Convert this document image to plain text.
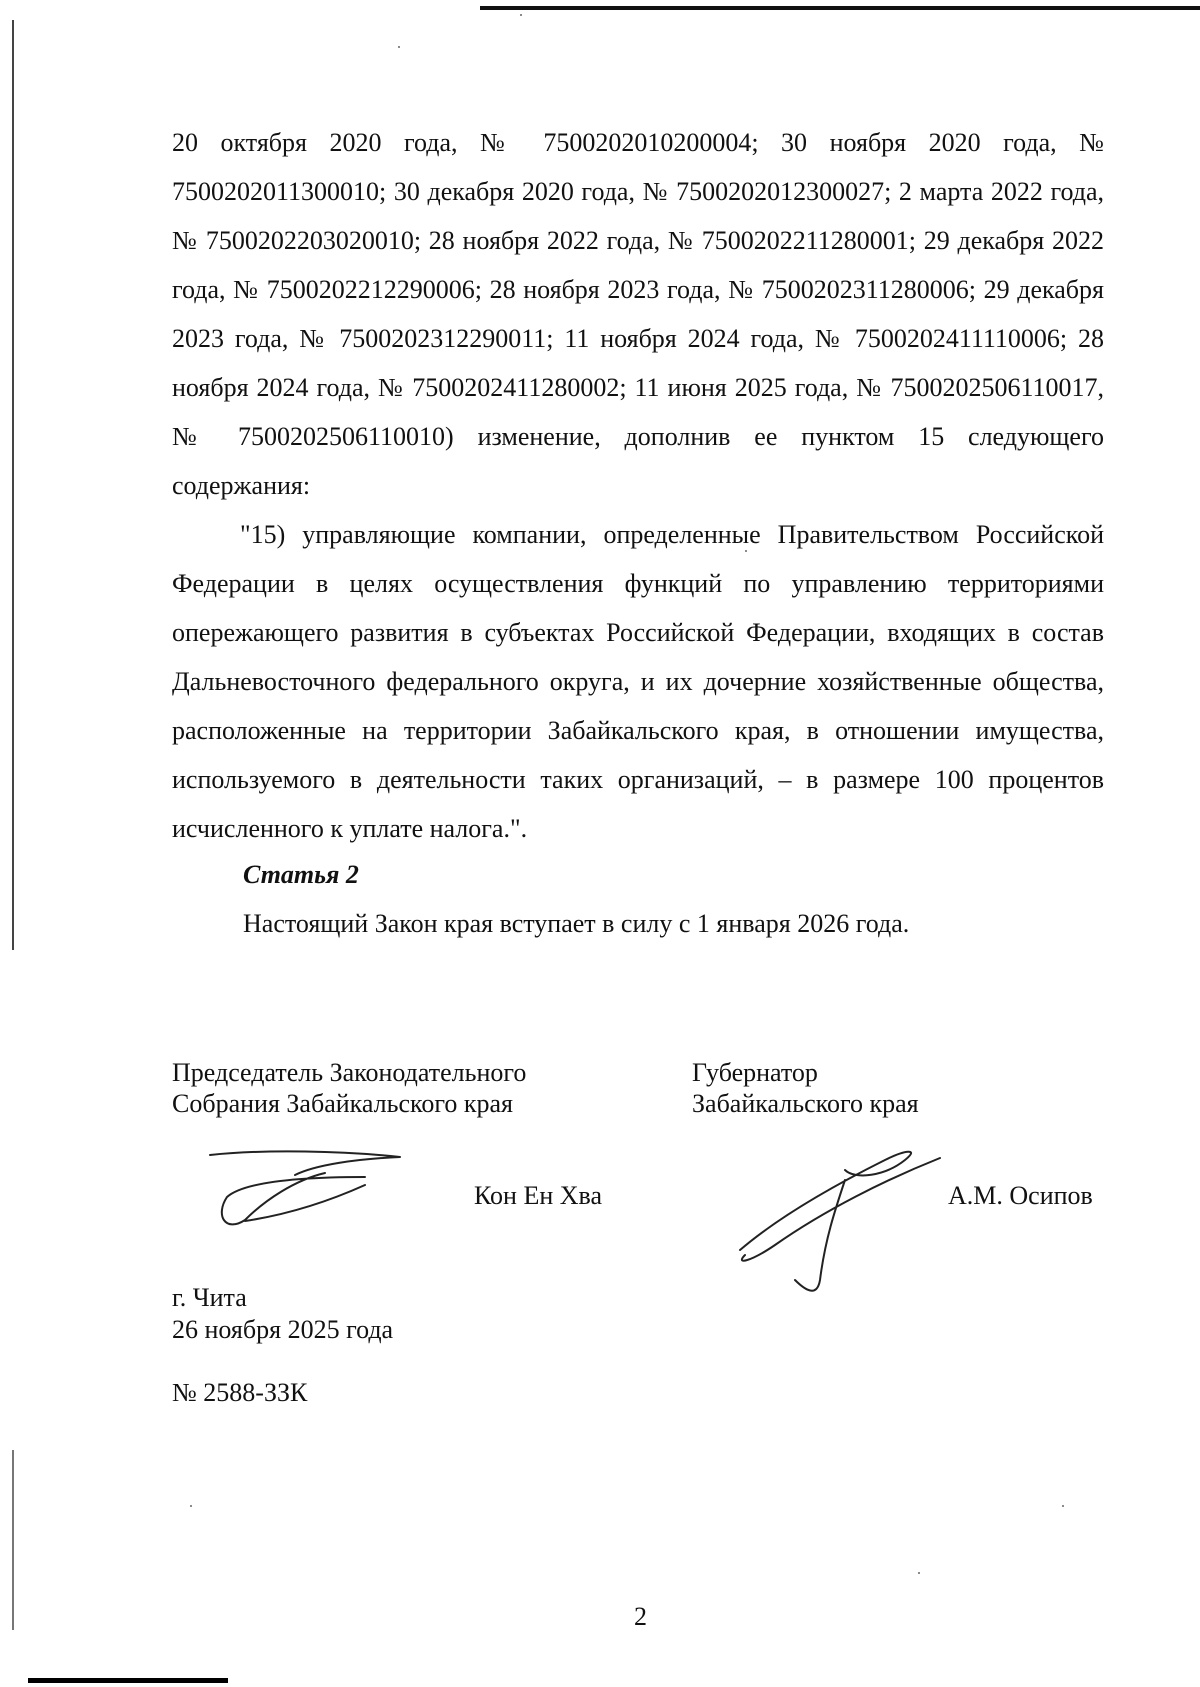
20 октября 2020 года, № 7500202010200004; 30 ноября 2020 года, № 7500202011300010; 30 декабря 2020 года, № 7500202012300027; 2 марта 2022 года, № 7500202203020010; 28 ноября 2022 года, № 7500202211280001; 29 декабря 2022 года, № 7500202212290006; 28 ноября 2023 года, № 7500202311280006; 29 декабря 2023 года, № 7500202312290011; 11 ноября 2024 года, № 7500202411110006; 28 ноября 2024 года, № 7500202411280002; 11 июня 2025 года, № 7500202506110017, № 7500202506110010) изменение, дополнив ее пунктом 15 следующего содержания:

"15) управляющие компании, определенные Правительством Российской Федерации в целях осуществления функций по управлению территориями опережающего развития в субъектах Российской Федерации, входящих в состав Дальневосточного федерального округа, и их дочерние хозяйственные общества, расположенные на территории Забайкальского края, в отношении имущества, используемого в деятельности таких организаций, – в размере 100 процентов исчисленного к уплате налога.".

Статья 2
Настоящий Закон края вступает в силу с 1 января 2026 года.
Председатель Законодательного
Собрания Забайкальского края
Губернатор
Забайкальского края
Кон Ен Хва	А.М. Осипов
г. Чита
26 ноября 2025 года
№ 2588-ЗЗК
2
